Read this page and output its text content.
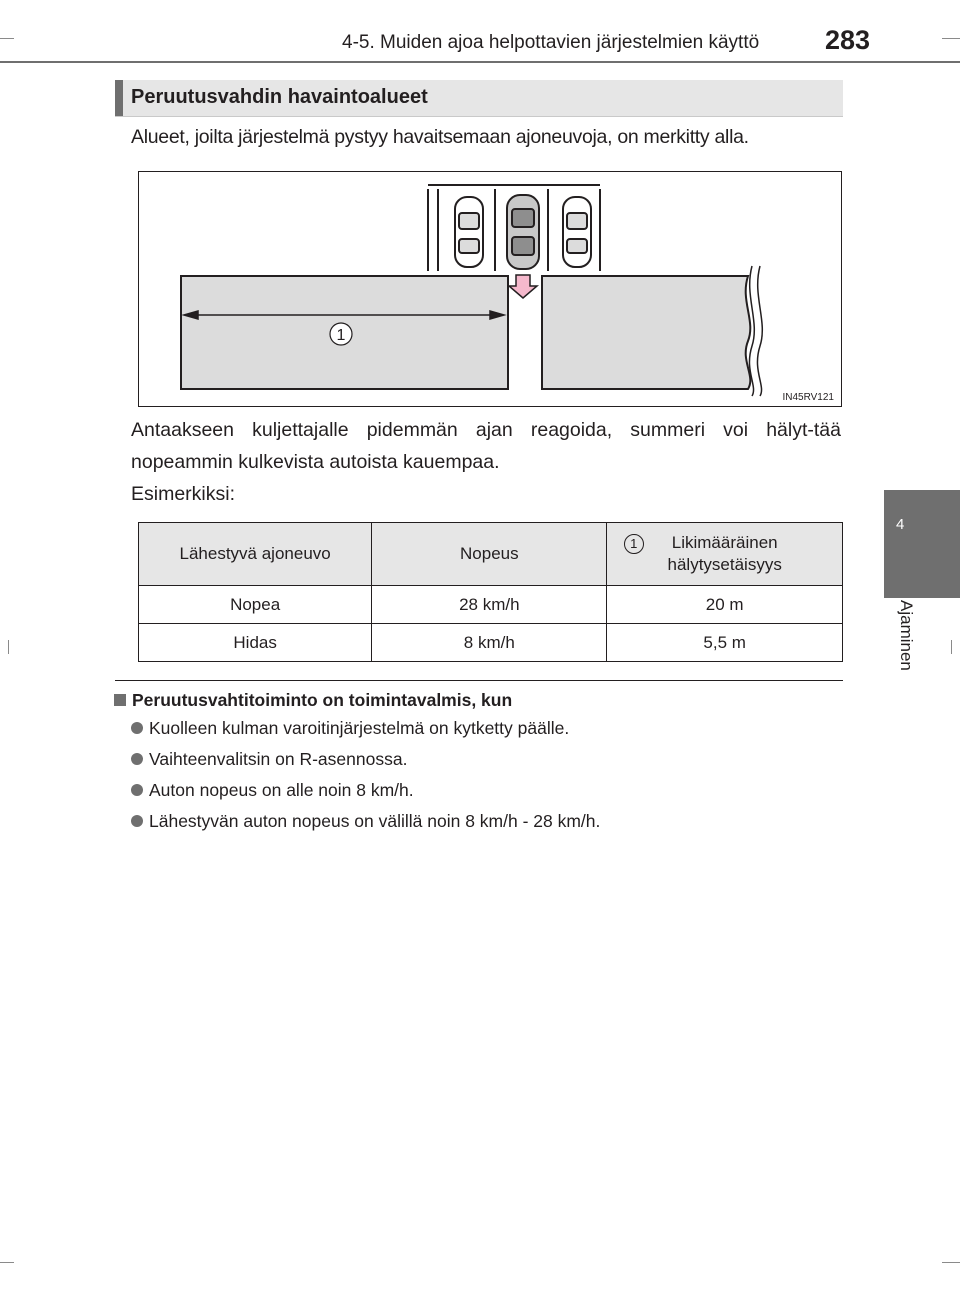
4-5. Muiden ajoa helpottavien järjestelmien käyttö 283
4
Ajaminen
Peruutusvahdin havaintoalueet
Alueet, joilta järjestelmä pystyy havaitsemaan ajoneuvoja, on merkitty alla.
1
IN45RV121
Antaakseen kuljettajalle pidemmän ajan reagoida, summeri voi hälyt-tää nopeammin kulkevista autoista kauempaa.
Esimerkiksi:
Lähestyvä ajoneuvo	Nopeus	1 Likimääräinen hälytysetäisyys
Nopea	28 km/h	20 m
Hidas	8 km/h	5,5 m
Peruutusvahtitoiminto on toimintavalmis, kun
Kuolleen kulman varoitinjärjestelmä on kytketty päälle.
Vaihteenvalitsin on R-asennossa.
Auton nopeus on alle noin 8 km/h.
Lähestyvän auton nopeus on välillä noin 8 km/h - 28 km/h.
